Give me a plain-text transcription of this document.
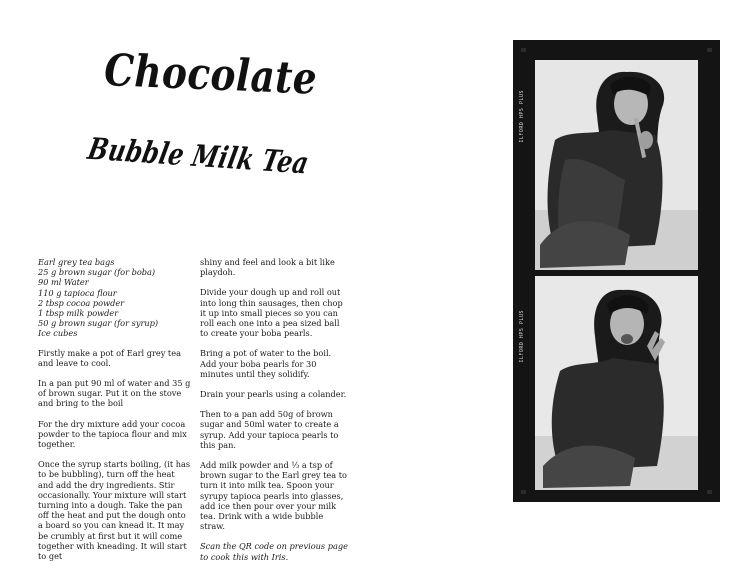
Chocolate
Bubble Milk Tea
Earl grey tea bags
25 g brown sugar (for boba)
90 ml Water
110 g tapioca flour
2 tbsp cocoa powder
1 tbsp milk powder
50 g brown sugar (for syrup)
Ice cubes

Firstly make a pot of Earl grey tea and leave to cool.

In a pan put 90 ml of water and 35 g of brown sugar. Put it on the stove and bring to the boil

For the dry mixture add your cocoa powder to the tapioca flour and mix together.

Once the syrup starts boiling, (it has to be bubbling), turn off the heat and add the dry ingredients. Stir occasionally. Your mixture will start turning into a dough. Take the pan off the heat and put the dough onto a board so you can knead it. It may be crumbly at first but it will come together with kneading. It will start to get

shiny and feel and look a bit like playdoh.

Divide your dough up and roll out into long thin sausages, then chop it up into small pieces so you can roll each one into a pea sized ball to create your boba pearls.

Bring a pot of water to the boil. Add your boba pearls for 30 minutes until they solidify.

Drain your pearls using a colander.

Then to a pan add 50g of brown sugar and 50ml water to create a syrup. Add your tapioca pearls to this pan.

Add milk powder and ⅓ a tsp of brown sugar to the Earl grey tea to turn it into milk tea. Spoon your syrupy tapioca pearls into glasses, add ice then pour over your milk tea. Drink with a wide bubble straw.

Scan the QR code on previous page to cook this with Iris.

ILFORD HP5 PLUS
ILFORD HP5 PLUS
